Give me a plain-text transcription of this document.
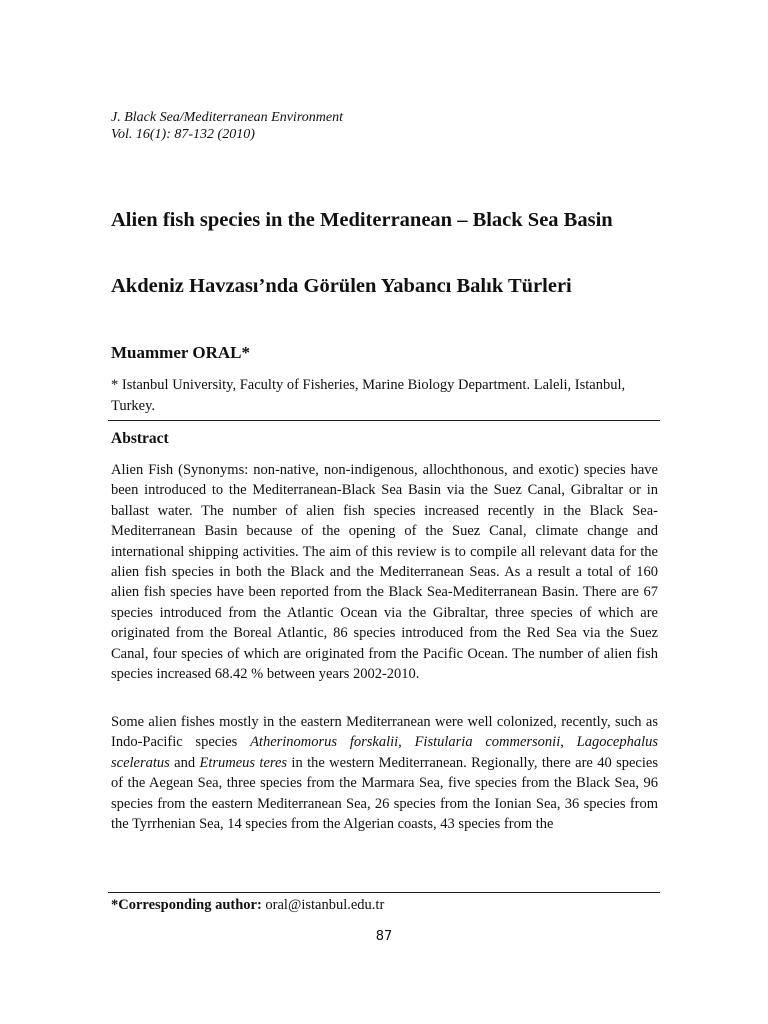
J. Black Sea/Mediterranean Environment
Vol. 16(1): 87-132 (2010)
Alien fish species in the Mediterranean – Black Sea Basin
Akdeniz Havzası’nda Görülen Yabancı Balık Türleri
Muammer ORAL*
* Istanbul University, Faculty of Fisheries, Marine Biology Department. Laleli, Istanbul, Turkey.
Abstract
Alien Fish (Synonyms: non-native, non-indigenous, allochthonous, and exotic) species have been introduced to the Mediterranean-Black Sea Basin via the Suez Canal, Gibraltar or in ballast water. The number of alien fish species increased recently in the Black Sea-Mediterranean Basin because of the opening of the Suez Canal, climate change and international shipping activities. The aim of this review is to compile all relevant data for the alien fish species in both the Black and the Mediterranean Seas. As a result a total of 160 alien fish species have been reported from the Black Sea-Mediterranean Basin. There are 67 species introduced from the Atlantic Ocean via the Gibraltar, three species of which are originated from the Boreal Atlantic, 86 species introduced from the Red Sea via the Suez Canal, four species of which are originated from the Pacific Ocean. The number of alien fish species increased 68.42 % between years 2002-2010.
Some alien fishes mostly in the eastern Mediterranean were well colonized, recently, such as Indo-Pacific species Atherinomorus forskalii, Fistularia commersonii, Lagocephalus sceleratus and Etrumeus teres in the western Mediterranean. Regionally, there are 40 species of the Aegean Sea, three species from the Marmara Sea, five species from the Black Sea, 96 species from the eastern Mediterranean Sea, 26 species from the Ionian Sea, 36 species from the Tyrrhenian Sea, 14 species from the Algerian coasts, 43 species from the
*Corresponding author: oral@istanbul.edu.tr
87
